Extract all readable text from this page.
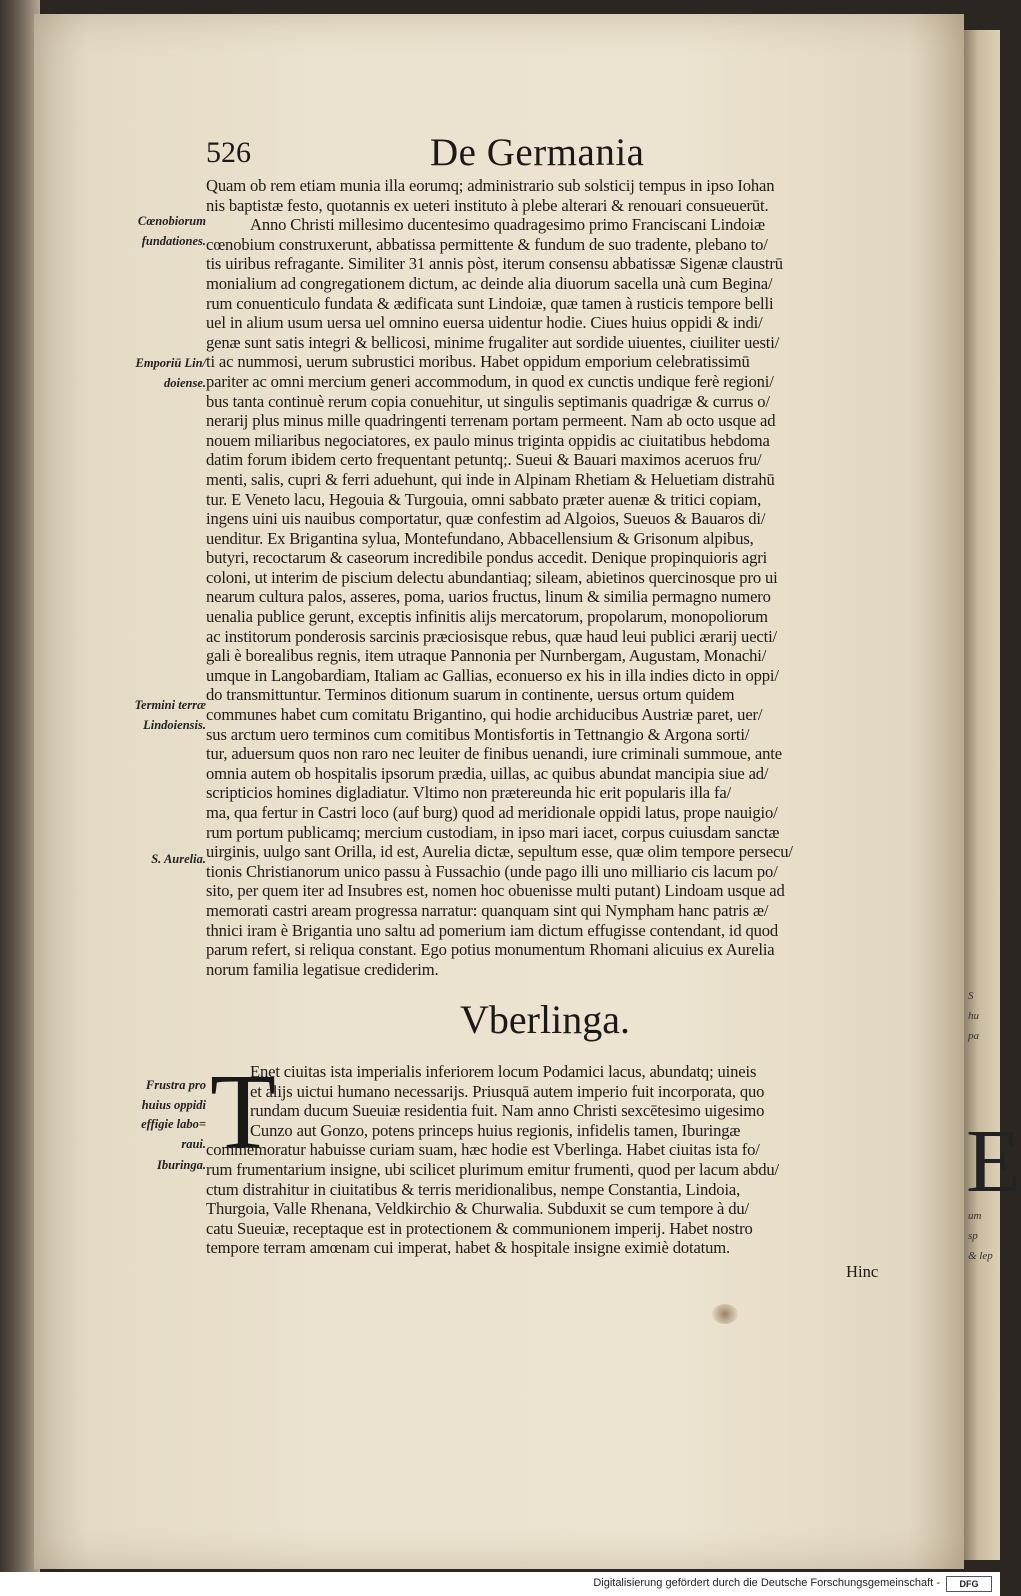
S
hu
pa
E
um
sp
& lep
526	De Germania
Cœnobiorum
fundationes.
Emporiū Lin/
doiense.
Termini terræ
Lindoiensis.
S. Aurelia.
Frustra pro
huius oppidi
effigie labo=
raui.
Iburinga.
Quam ob rem etiam munia illa eorumq; administrario sub solsticij tempus in ipso Iohan
nis baptistæ festo, quotannis ex ueteri instituto à plebe alterari & renouari consueuerūt.
Anno Christi millesimo ducentesimo quadragesimo primo Franciscani Lindoiæ
cœnobium construxerunt, abbatissa permittente & fundum de suo tradente, plebano to/
tis uiribus refragante. Similiter 31 annis pòst, iterum consensu abbatissæ Sigenæ claustrū
monialium ad congregationem dictum, ac deinde alia diuorum sacella unà cum Begina/
rum conuenticulo fundata & ædificata sunt Lindoiæ, quæ tamen à rusticis tempore belli
uel in alium usum uersa uel omnino euersa uidentur hodie. Ciues huius oppidi & indi/
genæ sunt satis integri & bellicosi, minime frugaliter aut sordide uiuentes, ciuiliter uesti/
ti ac nummosi, uerum subrustici moribus. Habet oppidum emporium celebratissimū
pariter ac omni mercium generi accommodum, in quod ex cunctis undique ferè regioni/
bus tanta continuè rerum copia conuehitur, ut singulis septimanis quadrigæ & currus o/
nerarij plus minus mille quadringenti terrenam portam permeent. Nam ab octo usque ad
nouem miliaribus negociatores, ex paulo minus triginta oppidis ac ciuitatibus hebdoma
datim forum ibidem certo frequentant petuntq;. Sueui & Bauari maximos aceruos fru/
menti, salis, cupri & ferri aduehunt, qui inde in Alpinam Rhetiam & Heluetiam distrahū
tur. E Veneto lacu, Hegouia & Turgouia, omni sabbato præter auenæ & tritici copiam,
ingens uini uis nauibus comportatur, quæ confestim ad Algoios, Sueuos & Bauaros di/
uenditur. Ex Brigantina sylua, Montefundano, Abbacellensium & Grisonum alpibus,
butyri, recoctarum & caseorum incredibile pondus accedit. Denique propinquioris agri
coloni, ut interim de piscium delectu abundantiaq; sileam, abietinos quercinosque pro ui
nearum cultura palos, asseres, poma, uarios fructus, linum & similia permagno numero
uenalia publice gerunt, exceptis infinitis alijs mercatorum, propolarum, monopoliorum
ac institorum ponderosis sarcinis præciosisque rebus, quæ haud leui publici ærarij uecti/
gali è borealibus regnis, item utraque Pannonia per Nurnbergam, Augustam, Monachi/
umque in Langobardiam, Italiam ac Gallias, econuerso ex his in illa indies dicto in oppi/
do transmittuntur. Terminos ditionum suarum in continente, uersus ortum quidem
communes habet cum comitatu Brigantino, qui hodie archiducibus Austriæ paret, uer/
sus arctum uero terminos cum comitibus Montisfortis in Tettnangio & Argona sorti/
tur, aduersum quos non raro nec leuiter de finibus uenandi, iure criminali summoue, ante
omnia autem ob hospitalis ipsorum prædia, uillas, ac quibus abundat mancipia siue ad/
scripticios homines digladiatur. Vltimo non prætereunda hic erit popularis illa fa/
ma, qua fertur in Castri loco (auf burg) quod ad meridionale oppidi latus, prope nauigio/
rum portum publicamq; mercium custodiam, in ipso mari iacet, corpus cuiusdam sanctæ
uirginis, uulgo sant Orilla, id est, Aurelia dictæ, sepultum esse, quæ olim tempore persecu/
tionis Christianorum unico passu à Fussachio (unde pago illi uno milliario cis lacum po/
sito, per quem iter ad Insubres est, nomen hoc obuenisse multi putant) Lindoam usque ad
memorati castri aream progressa narratur: quanquam sint qui Nympham hanc patris æ/
thnici iram è Brigantia uno saltu ad pomerium iam dictum effugisse contendant, id quod
parum refert, si reliqua constant. Ego potius monumentum Rhomani alicuius ex Aurelia
norum familia legatisue crediderim.
Vberlinga.
T
Enet ciuitas ista imperialis inferiorem locum Podamici lacus, abundatq; uineis
et alijs uictui humano necessarijs. Priusquā autem imperio fuit incorporata, quo
rundam ducum Sueuiæ residentia fuit. Nam anno Christi sexcētesimo uigesimo
Cunzo aut Gonzo, potens princeps huius regionis, infidelis tamen, Iburingæ
commemoratur habuisse curiam suam, hæc hodie est Vberlinga. Habet ciuitas ista fo/
rum frumentarium insigne, ubi scilicet plurimum emitur frumenti, quod per lacum abdu/
ctum distrahitur in ciuitatibus & terris meridionalibus, nempe Constantia, Lindoia,
Thurgoia, Valle Rhenana, Veldkirchio & Churwalia. Subduxit se cum tempore à du/
catu Sueuiæ, receptaque est in protectionem & communionem imperij. Habet nostro
tempore terram amœnam cui imperat, habet & hospitale insigne eximiè dotatum.
Hinc
Digitalisierung gefördert durch die Deutsche Forschungsgemeinschaft -	DFG
